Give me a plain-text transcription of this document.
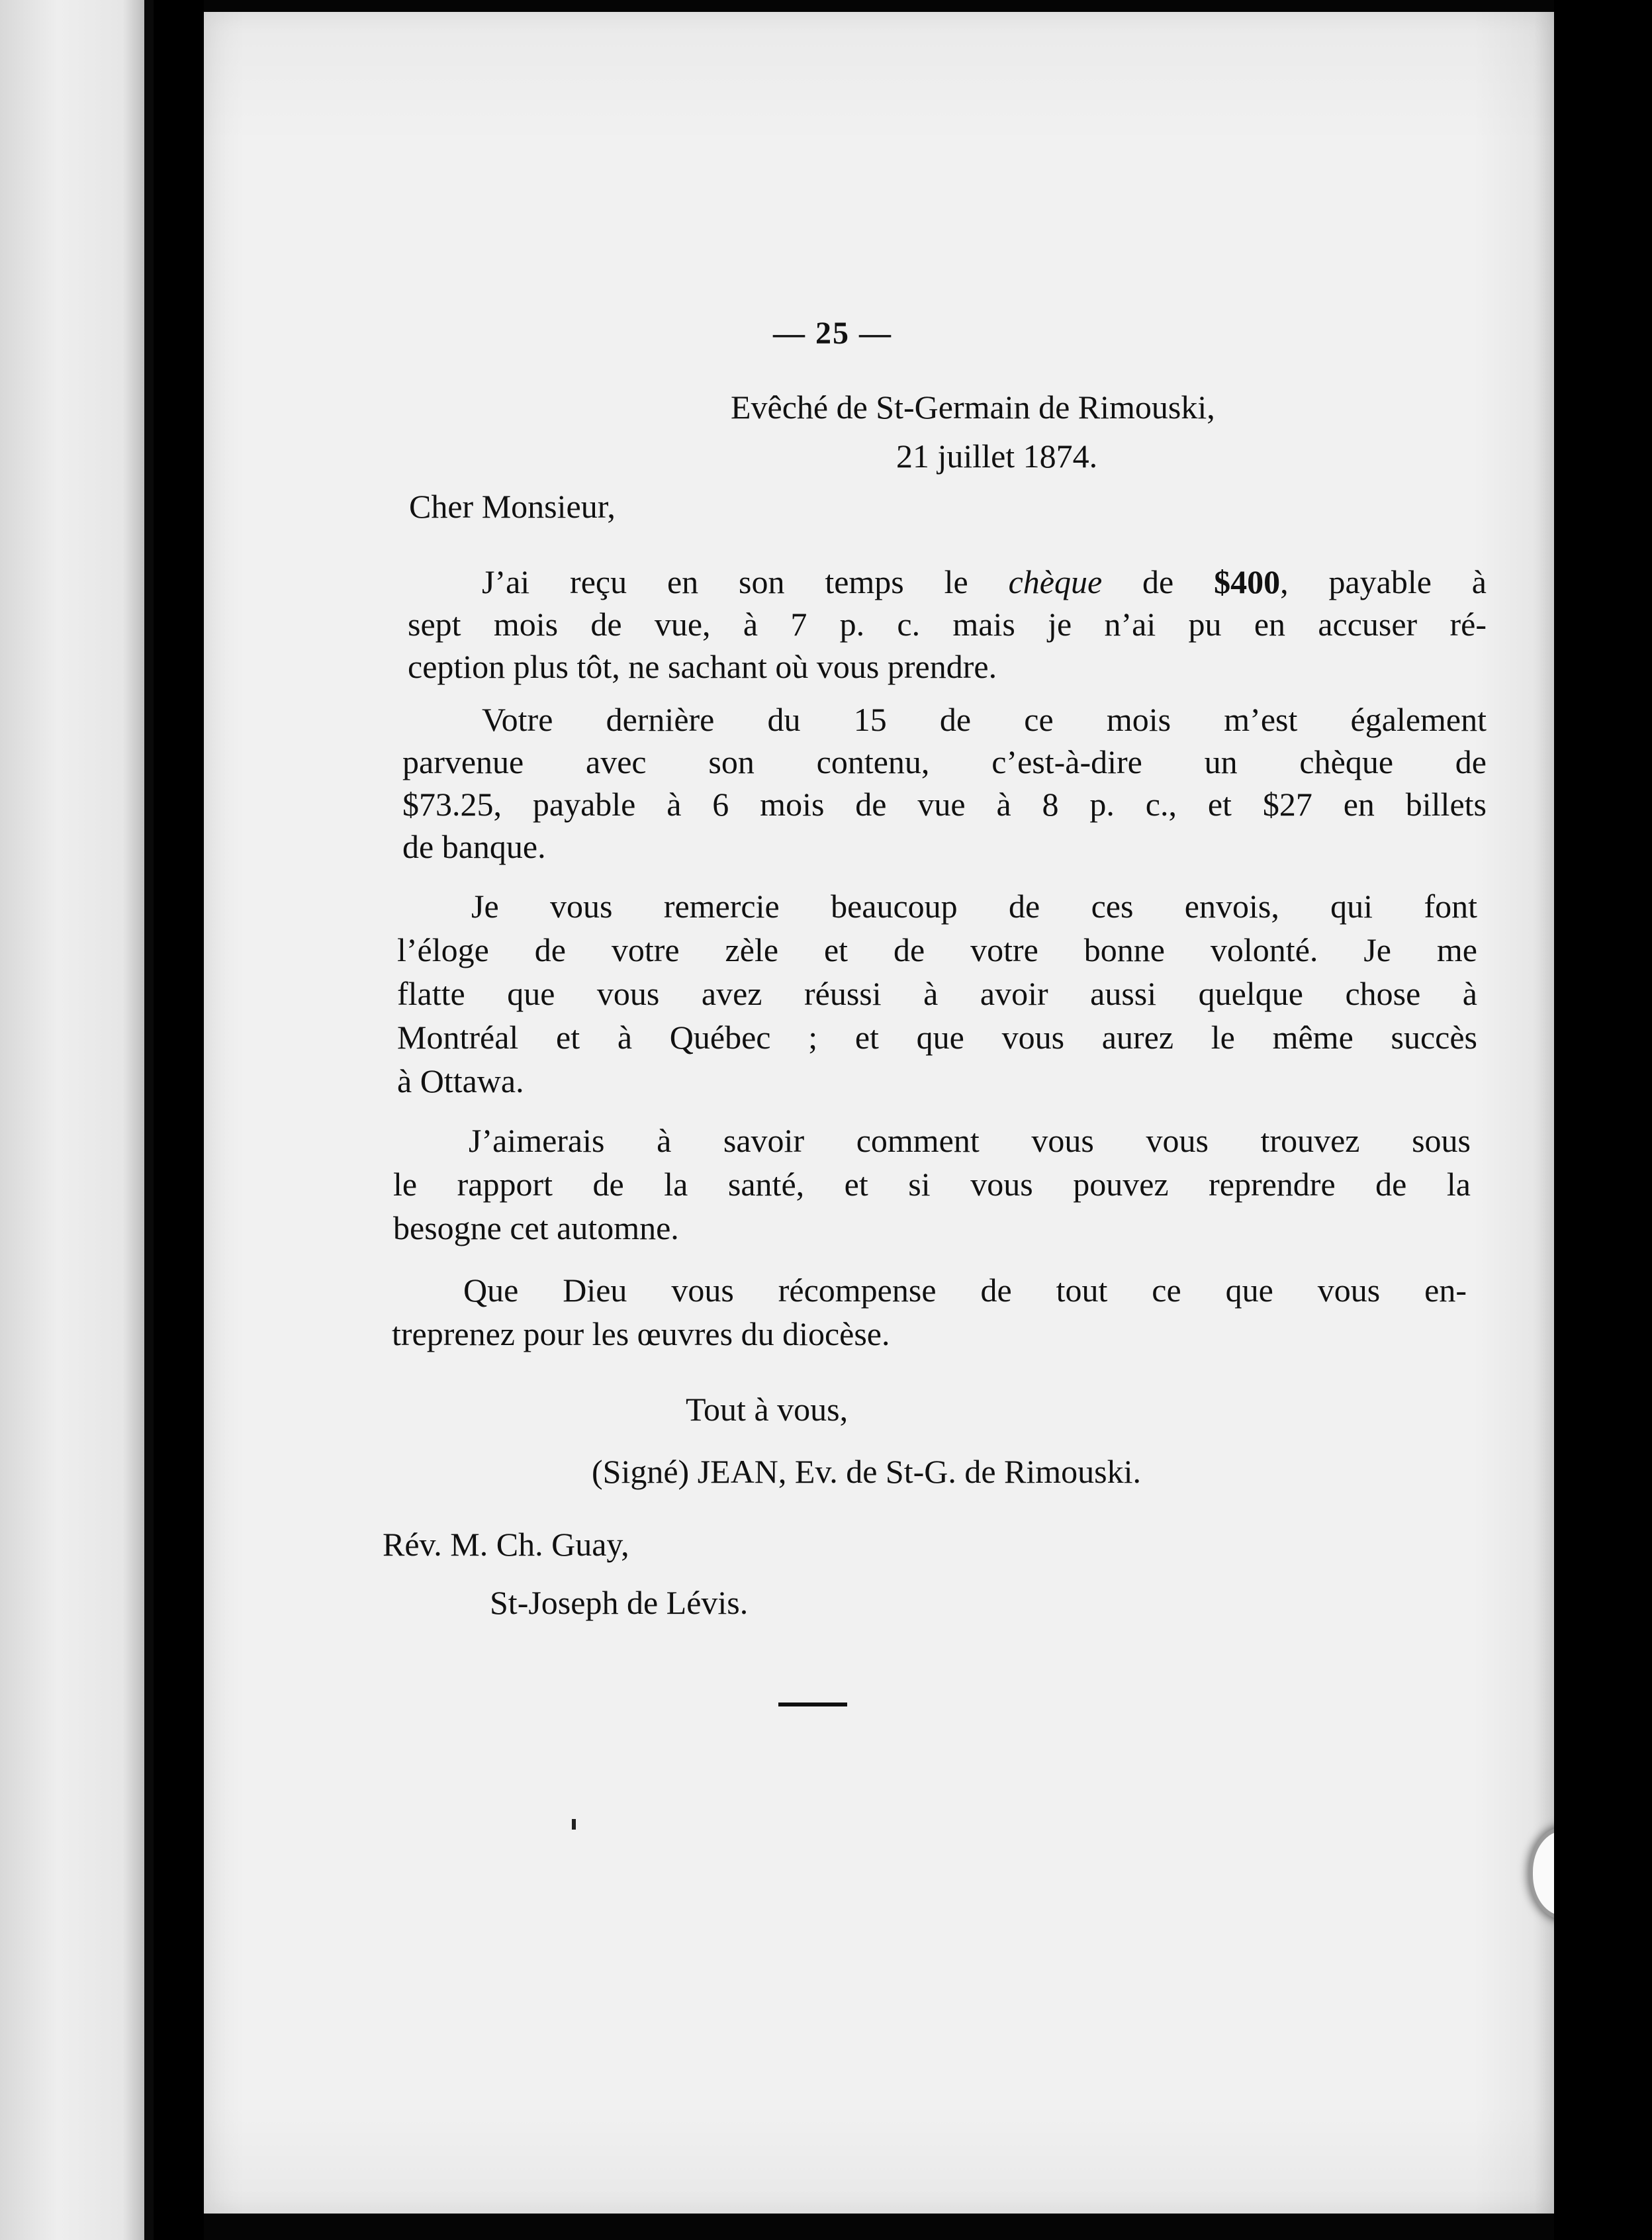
— 25 —
Evêché de St-Germain de Rimouski,
21 juillet 1874.
Cher Monsieur,
J’ai reçu en son temps le chèque de $400, payable à
sept mois de vue, à 7 p. c. mais je n’ai pu en accuser ré-
ception plus tôt, ne sachant où vous prendre.
Votre dernière du 15 de ce mois m’est également
parvenue avec son contenu, c’est-à-dire un chèque de
$73.25, payable à 6 mois de vue à 8 p. c., et $27 en billets
de banque.
Je vous remercie beaucoup de ces envois, qui font
l’éloge de votre zèle et de votre bonne volonté. Je me
flatte que vous avez réussi à avoir aussi quelque chose à
Montréal et à Québec ; et que vous aurez le même succès
à Ottawa.
J’aimerais à savoir comment vous vous trouvez sous
le rapport de la santé, et si vous pouvez reprendre de la
besogne cet automne.
Que Dieu vous récompense de tout ce que vous en-
treprenez pour les œuvres du diocèse.
Tout à vous,
(Signé) JEAN, Ev. de St-G. de Rimouski.
Rév. M. Ch. Guay,
St-Joseph de Lévis.
